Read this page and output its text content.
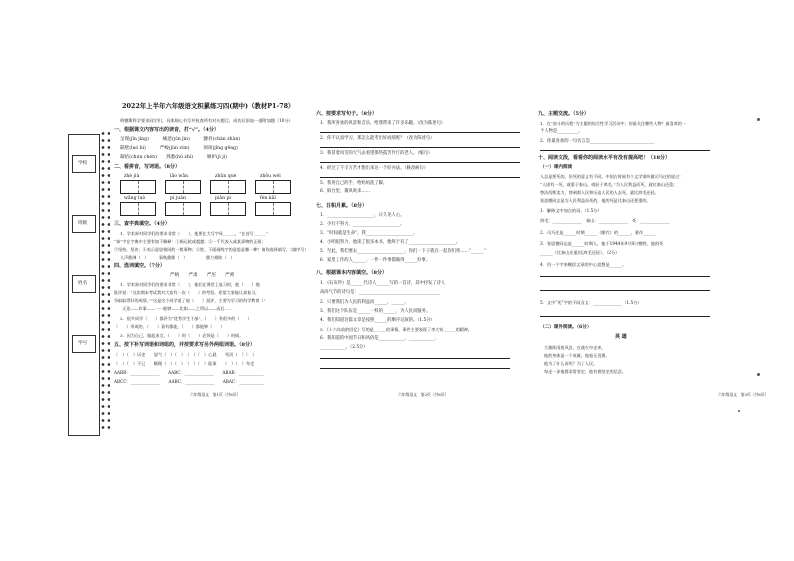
2022年上半年六年级语文积累练习四(期中)（教材P1-78）
明德斯科学要求同学们，具体细心书写并检查所有对应题目，成功后添加一道附加题（10分）
学校
班级
姓名
学号
一、根据课文内容写出的读音，打“√”。（4分）
呈现(jǐn jìng)　　　痛恶(yìn jìn)　　　颤抖(chàn zhàn)
隔壁(luó bì)　　　严峻(jùn zùn)　　　颈项(jǐng gěng)
凝结(chún chén)　　熟悉(hú zhí)　　　嫉妒(jì jí)
二、看拼音，写词语。（8分）
zhè jiù	lǎo wǎn	zhǔn què	zhōu wéi
wǎng luò	pí juàn	piān pì	fèn kǎi
三、查字典填空。（4分）
1．学术界对同学们的要求非常（　　），他要在大写字母______，“在首写______”
“泰”字在字典中主要有如下解释：①指运轮或超越；②一千代表人或某事物的正面；
③坚持，坚决；④表示意思相同的一般事物；⑤姓。下面画线字的意思是哪一种？请你选择填写。（填序号）
人声鼎沸（　）　　　事秋鼎鼎（　）　　　　　鼎力相助（　）
四、选词填空。（7分）
严格　　严肃　　严厉　　严密
1．学术界对同学们的要求非常（　　），他们在课堂上复习时，他（　　）地
批评说：“这次期末考试我对大家有一次（　　）的考验。希望大家能认真复习，
争取取得好的成绩。””这是这个同学说了他（　　）批评，主要为学习的科学教育（”
　　天论——作事——一一能够——比如——之所以——而后……
2．很多同学（　　）都评为“优秀学生干部”，（　　）有很多的（　　）
（　　）形成的，（　　）看有都能，（　　）都能够（　　）
3．因为自己，做起来点，（　　）时（　　）必须是（　　）时候。
五、按下补写词语和词组的，并按要求写另外两组词语。（8分）
（　）（　）历史　　怒气（　）（　）　（　）（　）心悬　　死而（　）（　）
（　）（　）不已　　顺理（　）（　）　（　）（　）能事　　（　）（　）夺走
AABB：______________　　AABC：______________　　ABAB：____________
ABCC：______________　　AABC：______________　　ABAC：____________
六年级语文　第1页（共6页）
六、按要求写句子。（8分）
1．我所喜欢的风景和音乐，给我带来了许多乐趣。（改为陈述句）
2．你不认真学习，那怎么能考出好成绩呢？（改为陈述句）
3．我冒着风雪的天气去看望那些孤苦伶仃的老人。（缩句）
4．经过了千辛万苦才想出来这一个好办法。（修改病句）
5．我用自己的手，给妈妈洗了脚。
6．阳台里，微风吹来……
七、日积月累。（8分）
1．______________________，日久见人心。
2．少壮不努力，______________________。
3．“时间就是生命”，我______________________。
4．小明很努力，他读了很多本书，他终于有了______________________。
5．至此，我们要去______________________，你们一下子就在一起你们将……“______”
6．家里工作的人______，一件一件事都做得______好事。
八、根据课本内容填空。（8分）
1．《石灰吟》是______代诗人______写的一首诗，其中抒发了诗人
高尚气节的诗句是：______________________________________
2．只要我们为人民的利益而______，______。
3．我们这个队伍是______一样的______，为人民而服务。
4．我们知道这篇文章是按照______的顺序记叙的。（1.5分）
5．《十六年前的回忆》写的是______的事情，事件主要表现了李大钊______的精神。
6．我知道的中国节日和风俗是____________，____________，
____________。（2.5分）
六年级语文　第2页（共6页）
九、主题交流。（5分）
1．在“奋斗的历程”为主题的综合性学习活动中，你最关注哪些人物？最喜欢的一
个人物是__________。
2．你最喜欢的一句名言是______________________________
十、阅读文段，看看你的阅读水平有没有提高吧！（18分）
（一）课内阅读
人总是要死的，但死的意义有不同。中国古时候有个文学家叫做司马迁的说过：
“人固有一死，或重于泰山，或轻于鸿毛。”为人民利益而死，就比泰山还重；
替法西斯卖力，替剥削人民和压迫人民的人去死，就比鸿毛还轻。
张思德同志是为人民利益而死的，他的死是比泰山还要重的。
1．解释文中加点的词。（1.5分）
鸿毛：______________　泰山：______________　死：______________
2．司马迁是______时期______（朝代）的______，著作______
3．张思德同志是______时期人，他于1944年9月8日牺牲，他的死
______（比泰山还重/比鸿毛还轻）。（2分）
4．用一个字来概括文章的中心思想是______。
5．文中“死”字的不同含义：______________（1.5分）
（二）课外阅读。（6分）
英 雄
大雅阵雨夜风急，在战火中走来。
他的身体是一个英雄，他毫无畏惧。
他为了什么而死？为了人民。
每走一步他都非常坚定，他有着坚定的信念。
六年级语文　第3页（共6页）
